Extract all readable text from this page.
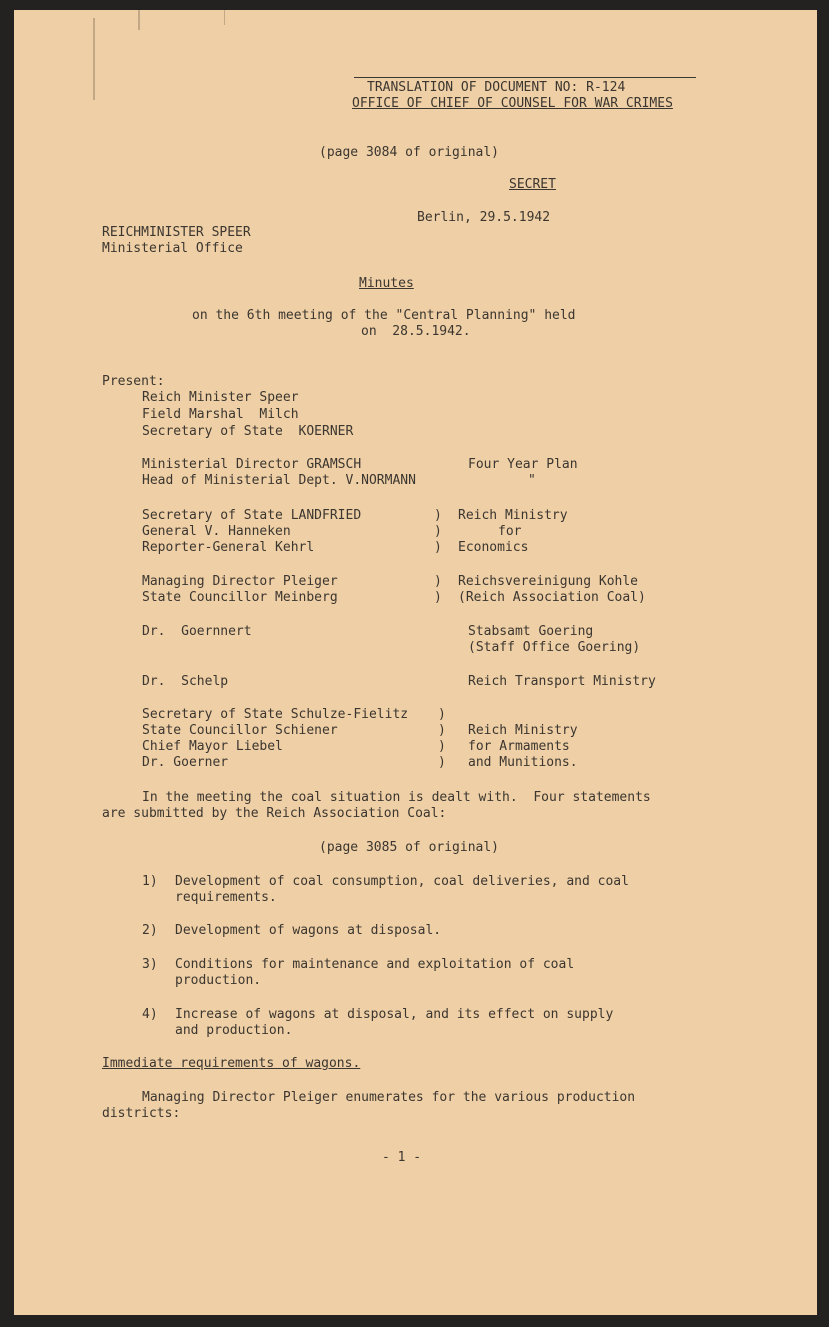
TRANSLATION OF DOCUMENT NO: R-124
OFFICE OF CHIEF OF COUNSEL FOR WAR CRIMES
(page 3084 of original)
SECRET
Berlin, 29.5.1942
REICHMINISTER SPEER
Ministerial Office
Minutes
on the 6th meeting of the "Central Planning" held
on  28.5.1942.
Present:
Reich Minister Speer
Field Marshal  Milch
Secretary of State  KOERNER
Ministerial Director GRAMSCH
Head of Ministerial Dept. V.NORMANN
Four Year Plan
"
Secretary of State LANDFRIED
General V. Hanneken
Reporter-General Kehrl
)
)
)
Reich Ministry
for
Economics
Managing Director Pleiger
State Councillor Meinberg
)
)
Reichsvereinigung Kohle
(Reich Association Coal)
Dr.  Goernnert	Stabsamt Goering
(Staff Office Goering)
Dr.  Schelp	Reich Transport Ministry
Secretary of State Schulze-Fielitz
State Councillor Schiener
Chief Mayor Liebel
Dr. Goerner
)
)
)
)
Reich Ministry
for Armaments
and Munitions.
In the meeting the coal situation is dealt with.  Four statements
are submitted by the Reich Association Coal:
(page 3085 of original)
1) Development of coal consumption, coal deliveries, and coal
requirements.
2) Development of wagons at disposal.
3) Conditions for maintenance and exploitation of coal
production.
4) Increase of wagons at disposal, and its effect on supply
and production.
Immediate requirements of wagons.
Managing Director Pleiger enumerates for the various production
districts:
- 1 -
